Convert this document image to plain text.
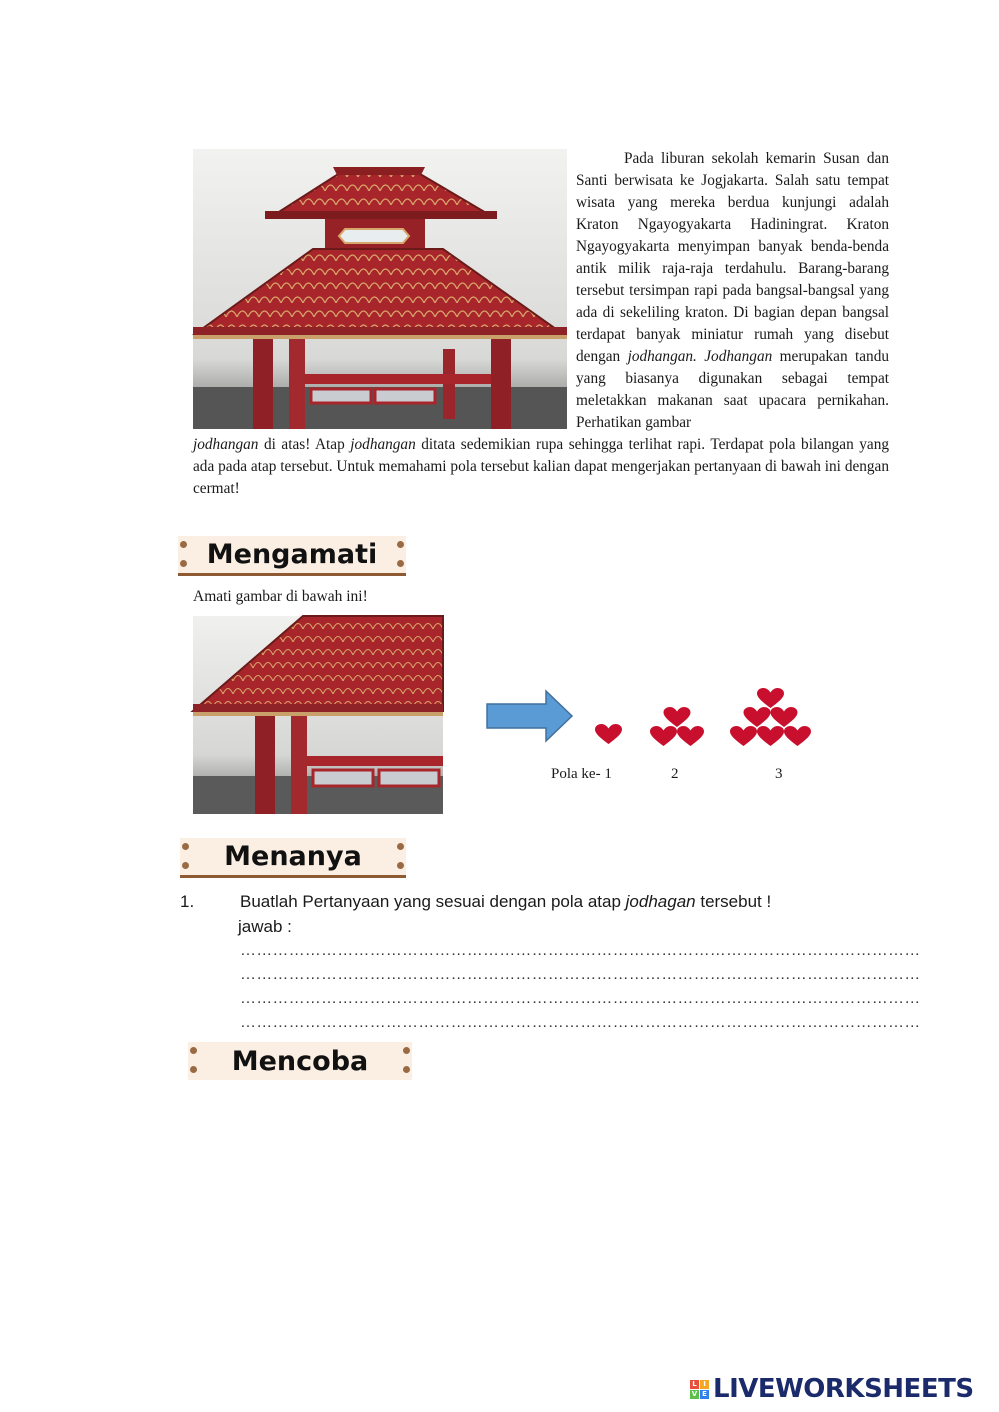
Pada liburan sekolah kemarin Susan dan Santi berwisata ke Jogjakarta. Salah satu tempat wisata yang mereka berdua kunjungi adalah Kraton Ngayogyakarta Hadiningrat. Kraton Ngayogyakarta menyimpan banyak benda-benda antik milik raja-raja terdahulu. Barang-barang tersebut tersimpan rapi pada bangsal-bangsal yang ada di sekeliling kraton. Di bagian depan bangsal terdapat banyak miniatur rumah yang disebut dengan jodhangan. Jodhangan merupakan tandu yang biasanya digunakan sebagai tempat meletakkan makanan saat upacara pernikahan. Perhatikan gambar

jodhangan di atas! Atap jodhangan ditata sedemikian rupa sehingga terlihat rapi. Terdapat pola bilangan yang ada pada atap tersebut. Untuk memahami pola tersebut kalian dapat mengerjakan pertanyaan di bawah ini dengan cermat!

Mengamati
Amati gambar di bawah ini!
Pola ke- 1	2	3
Menanya
1.	Buatlah Pertanyaan yang sesuai dengan pola atap jodhagan tersebut !
jawab :
………………………………………………………………………………………………………………
………………………………………………………………………………………………………………
………………………………………………………………………………………………………………
………………………………………………………………………………………………………………
Mencoba
L I
V E LIVEWORKSHEETS
